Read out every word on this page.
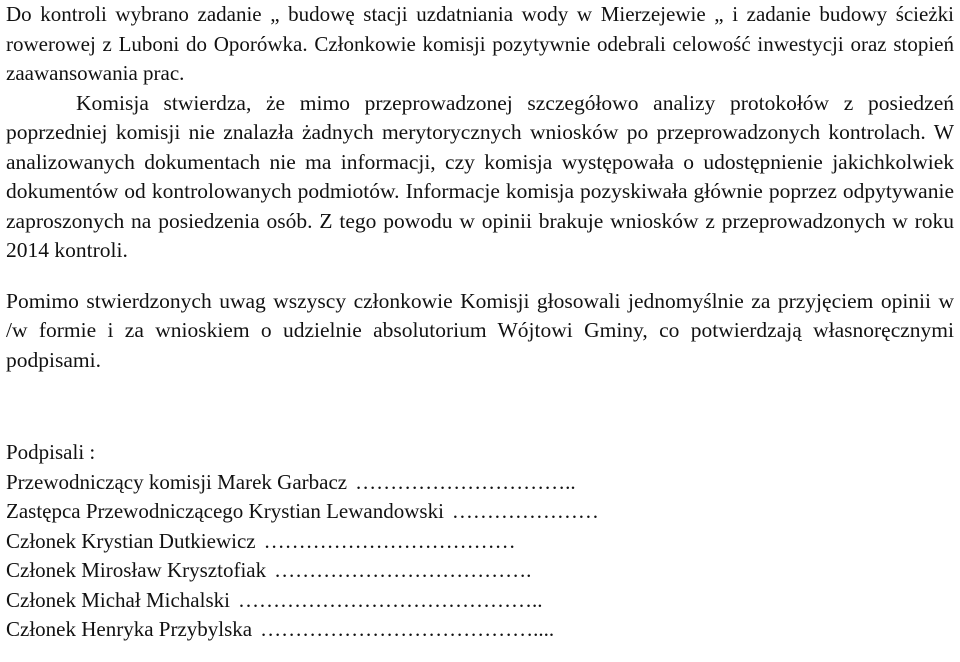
Do kontroli wybrano zadanie „ budowę stacji uzdatniania wody w Mierzejewie „ i zadanie budowy ścieżki rowerowej z Luboni do Oporówka. Członkowie komisji pozytywnie odebrali celowość inwestycji oraz stopień zaawansowania prac.

Komisja stwierdza, że mimo przeprowadzonej szczegółowo analizy protokołów z posiedzeń poprzedniej komisji nie znalazła żadnych merytorycznych wniosków po przeprowadzonych kontrolach. W analizowanych dokumentach nie ma informacji, czy komisja występowała o udostępnienie jakichkolwiek dokumentów od kontrolowanych podmiotów. Informacje komisja pozyskiwała głównie poprzez odpytywanie zaproszonych na posiedzenia osób. Z tego powodu w opinii brakuje wniosków z przeprowadzonych w roku 2014 kontroli.

Pomimo stwierdzonych uwag wszyscy członkowie Komisji głosowali jednomyślnie za przyjęciem opinii w /w formie i za wnioskiem o udzielnie absolutorium Wójtowi Gminy, co potwierdzają własnoręcznymi podpisami.

Podpisali :

Przewodniczący komisji Marek Garbacz …………………………..
Zastępca Przewodniczącego Krystian Lewandowski …………………
Członek Krystian Dutkiewicz ………………………………
Członek Mirosław Krysztofiak ……………………………….
Członek Michał Michalski ……………………………………..
Członek Henryka Przybylska …………………………………....
